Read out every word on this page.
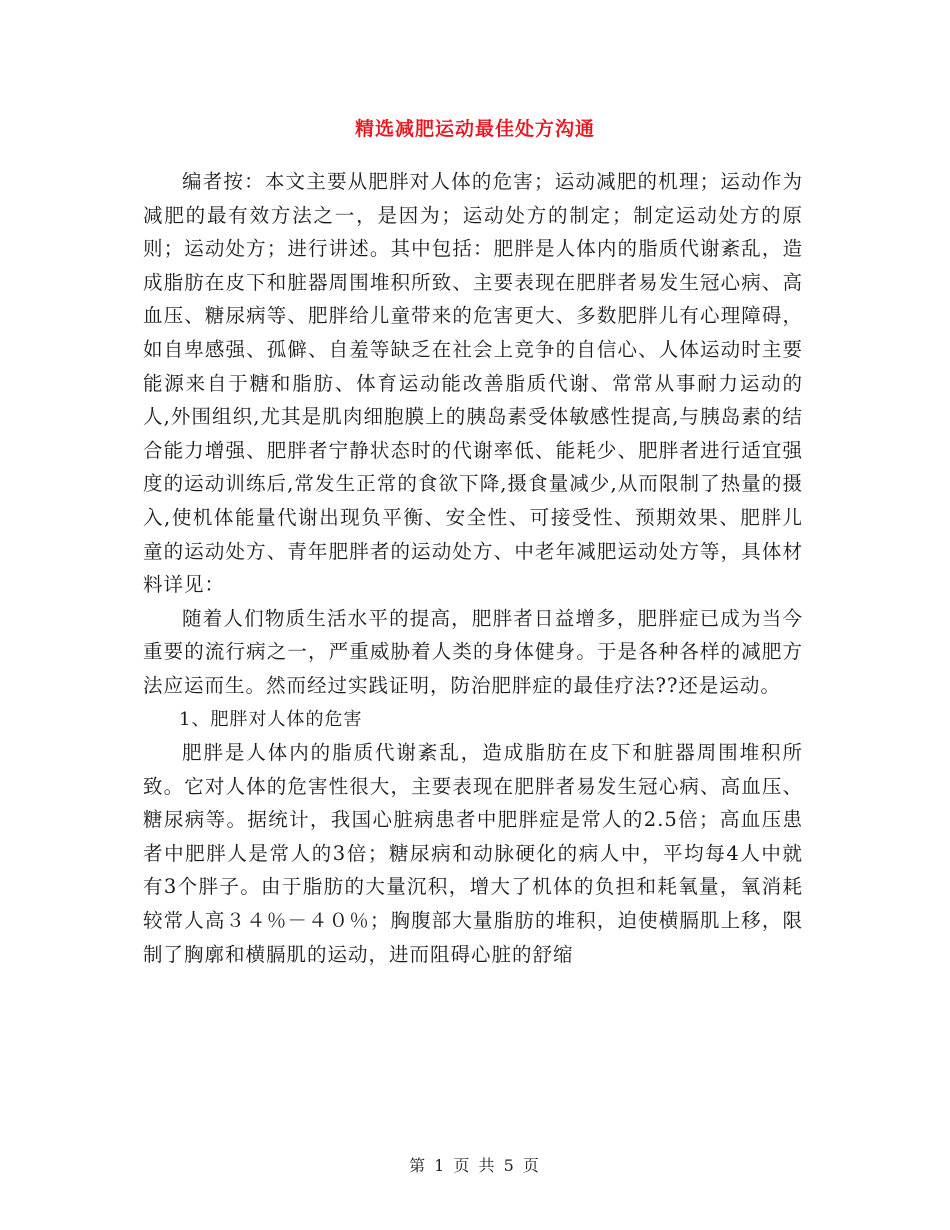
精选减肥运动最佳处方沟通

编者按：本文主要从肥胖对人体的危害；运动减肥的机理；运动作为减肥的最有效方法之一，是因为；运动处方的制定；制定运动处方的原则；运动处方；进行讲述。其中包括：肥胖是人体内的脂质代谢紊乱，造成脂肪在皮下和脏器周围堆积所致、主要表现在肥胖者易发生冠心病、高血压、糖尿病等、肥胖给儿童带来的危害更大、多数肥胖儿有心理障碍，如自卑感强、孤僻、自羞等缺乏在社会上竞争的自信心、人体运动时主要能源来自于糖和脂肪、体育运动能改善脂质代谢、常常从事耐力运动的人,外围组织,尤其是肌肉细胞膜上的胰岛素受体敏感性提高,与胰岛素的结合能力增强、肥胖者宁静状态时的代谢率低、能耗少、肥胖者进行适宜强度的运动训练后,常发生正常的食欲下降,摄食量减少,从而限制了热量的摄入,使机体能量代谢出现负平衡、安全性、可接受性、预期效果、肥胖儿童的运动处方、青年肥胖者的运动处方、中老年减肥运动处方等，具体材料详见：

随着人们物质生活水平的提高，肥胖者日益增多，肥胖症已成为当今重要的流行病之一，严重威胁着人类的身体健身。于是各种各样的减肥方法应运而生。然而经过实践证明，防治肥胖症的最佳疗法??还是运动。

1、肥胖对人体的危害

肥胖是人体内的脂质代谢紊乱，造成脂肪在皮下和脏器周围堆积所致。它对人体的危害性很大，主要表现在肥胖者易发生冠心病、高血压、糖尿病等。据统计，我国心脏病患者中肥胖症是常人的2.5倍；高血压患者中肥胖人是常人的3倍；糖尿病和动脉硬化的病人中，平均每4人中就有3个胖子。由于脂肪的大量沉积，增大了机体的负担和耗氧量，氧消耗较常人高３４％－４０％；胸腹部大量脂肪的堆积，迫使横膈肌上移，限制了胸廓和横膈肌的运动，进而阻碍心脏的舒缩

第 1 页 共 5 页
